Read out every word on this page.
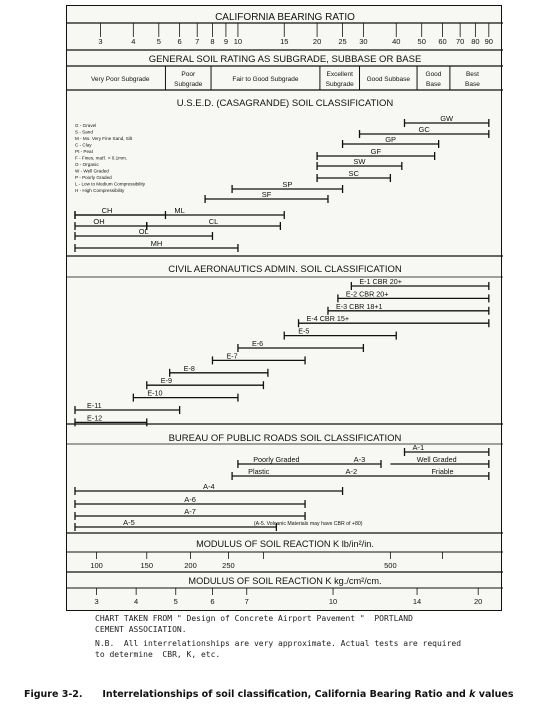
CALIFORNIA BEARING RATIO
3	4	5 6 7 8 9 10	15	20 25 30	40 50 60 70 80 90
GENERAL SOIL RATING AS SUBGRADE, SUBBASE OR BASE
Very Poor Subgrade
Poor
Subgrade
Fair to Good Subgrade
Excellent
Subgrade
Good Subbase
Good
Base
Best
Base
U.S.E.D. (CASAGRANDE) SOIL CLASSIFICATION
G - Gravel
S - Sand
M - Mo. Very Fine Sand, Silt
C - Clay
Pt - Peat
F - Fines, mat'l. < 0.1mm.
O - Organic
W - Well Graded
P - Poorly Graded
L - Low to Medium Compressibility
H - High Compressibility
GW
GC
GP
GF
SW
SC
SP
SF
CH	ML
OH	CL
OL
MH
CIVIL AERONAUTICS ADMIN. SOIL CLASSIFICATION
E-1 CBR 20+
E-2 CBR 20+
E-3 CBR 18+1
E-4 CBR 15+
E-5
E-6
E-7
E-8
E-9
E-10
E-11
E-12
BUREAU OF PUBLIC ROADS SOIL CLASSIFICATION
A-1
Poorly Graded	A-3	Well Graded
Plastic	A-2	Friable
A-4
A-6
A-7
A-5	(A-5. Volcanic Materials may have CBR of +80)
MODULUS OF SOIL REACTION K lb/in²/in.
100	150	200	250	500
MODULUS OF SOIL REACTION K kg./cm²/cm.
3	4	5	6	7	10	14	20
CHART TAKEN FROM " Design of Concrete Airport Pavement "  PORTLAND
CEMENT ASSOCIATION.
N.B.  All interrelationships are very approximate. Actual tests are required
to determine  CBR, K, etc.
Figure 3-2. Interrelationships of soil classification, California Bearing Ratio and k values
